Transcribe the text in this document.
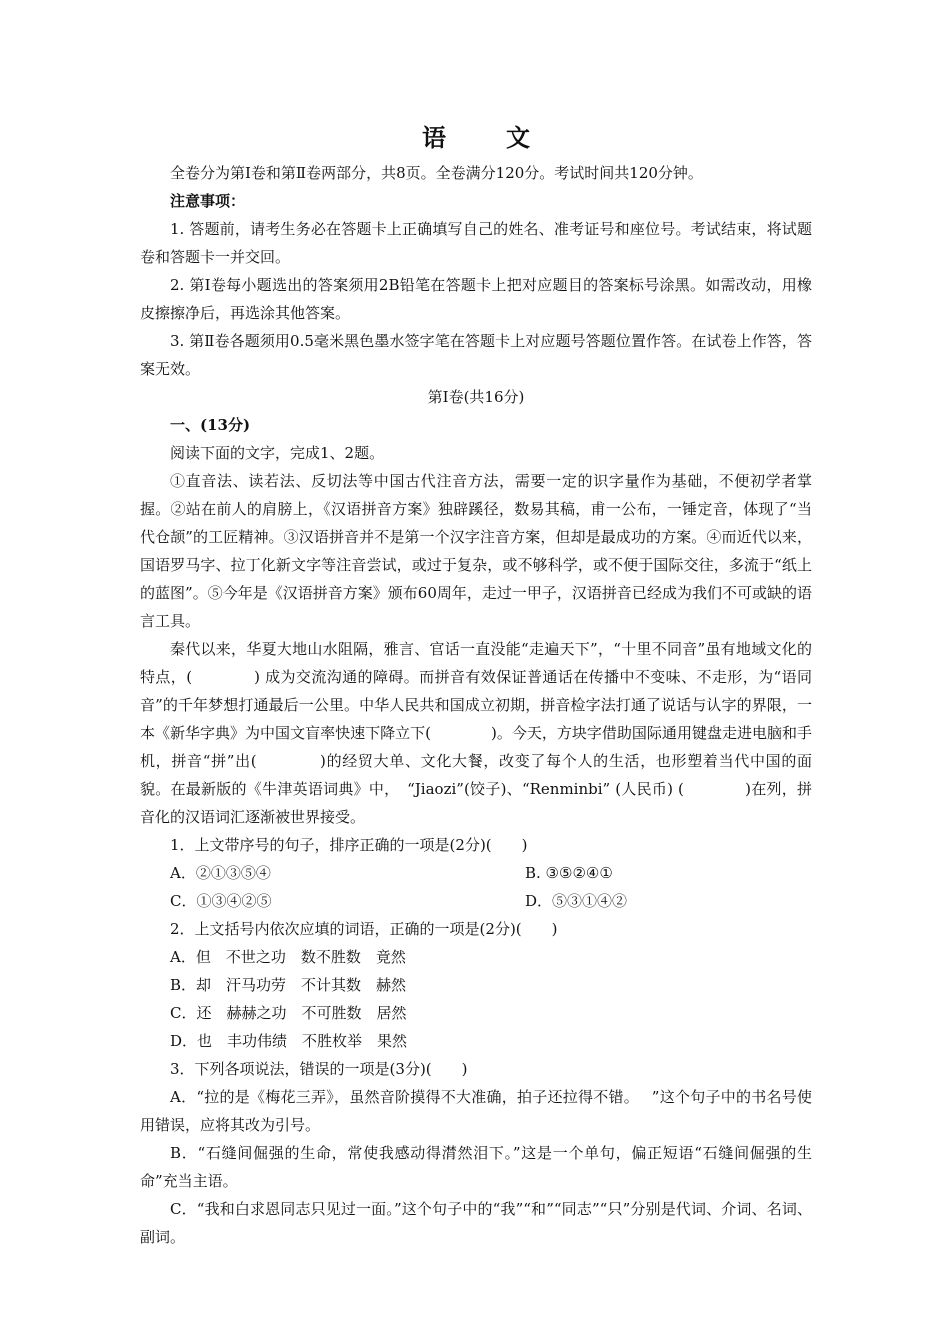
语　文

全卷分为第Ⅰ卷和第Ⅱ卷两部分，共8页。全卷满分120分。考试时间共120分钟。

注意事项：

1. 答题前，请考生务必在答题卡上正确填写自己的姓名、准考证号和座位号。考试结束，将试题卷和答题卡一并交回。

2. 第Ⅰ卷每小题选出的答案须用2B铅笔在答题卡上把对应题目的答案标号涂黑。如需改动，用橡皮擦擦净后，再选涂其他答案。

3. 第Ⅱ卷各题须用0.5毫米黑色墨水签字笔在答题卡上对应题号答题位置作答。在试卷上作答，答案无效。

第Ⅰ卷(共16分)

一、(13分)

阅读下面的文字，完成1、2题。

①直音法、读若法、反切法等中国古代注音方法，需要一定的识字量作为基础，不便初学者掌握。②站在前人的肩膀上，《汉语拼音方案》独辟蹊径，数易其稿，甫一公布，一锤定音，体现了“当代仓颉”的工匠精神。③汉语拼音并不是第一个汉字注音方案，但却是最成功的方案。④而近代以来，国语罗马字、拉丁化新文字等注音尝试，或过于复杂，或不够科学，或不便于国际交往，多流于“纸上的蓝图”。⑤今年是《汉语拼音方案》颁布60周年，走过一甲子，汉语拼音已经成为我们不可或缺的语言工具。

秦代以来，华夏大地山水阻隔，雅言、官话一直没能“走遍天下”，“十里不同音”虽有地域文化的特点，(　　　　) 成为交流沟通的障碍。而拼音有效保证普通话在传播中不变味、不走形，为“语同音”的千年梦想打通最后一公里。中华人民共和国成立初期，拼音检字法打通了说话与认字的界限，一本《新华字典》为中国文盲率快速下降立下(　　　　)。今天，方块字借助国际通用键盘走进电脑和手机，拼音“拼”出(　　　　)的经贸大单、文化大餐，改变了每个人的生活，也形塑着当代中国的面貌。在最新版的《牛津英语词典》中，　“Jiaozi”(饺子)、“Renminbi” (人民币) (　　　　)在列，拼音化的汉语词汇逐渐被世界接受。

1．上文带序号的句子，排序正确的一项是(2分)(　　)

A．②①③⑤④	B. ③⑤②④①
C．①③④②⑤	D．⑤③①④②

2．上文括号内依次应填的词语，正确的一项是(2分)(　　)

A．但　不世之功　数不胜数　竟然

B．却　汗马功劳　不计其数　赫然

C．还　赫赫之功　不可胜数　居然

D．也　丰功伟绩　不胜枚举　果然

3．下列各项说法，错误的一项是(3分)(　　)

A．“拉的是《梅花三弄》，虽然音阶摸得不大准确，拍子还拉得不错。　 ”这个句子中的书名号使用错误，应将其改为引号。

B．“石缝间倔强的生命，常使我感动得潸然泪下。”这是一个单句，偏正短语“石缝间倔强的生命”充当主语。

C．“我和白求恩同志只见过一面。”这个句子中的“我”“和”“同志”“只”分别是代词、介词、名词、副词。
